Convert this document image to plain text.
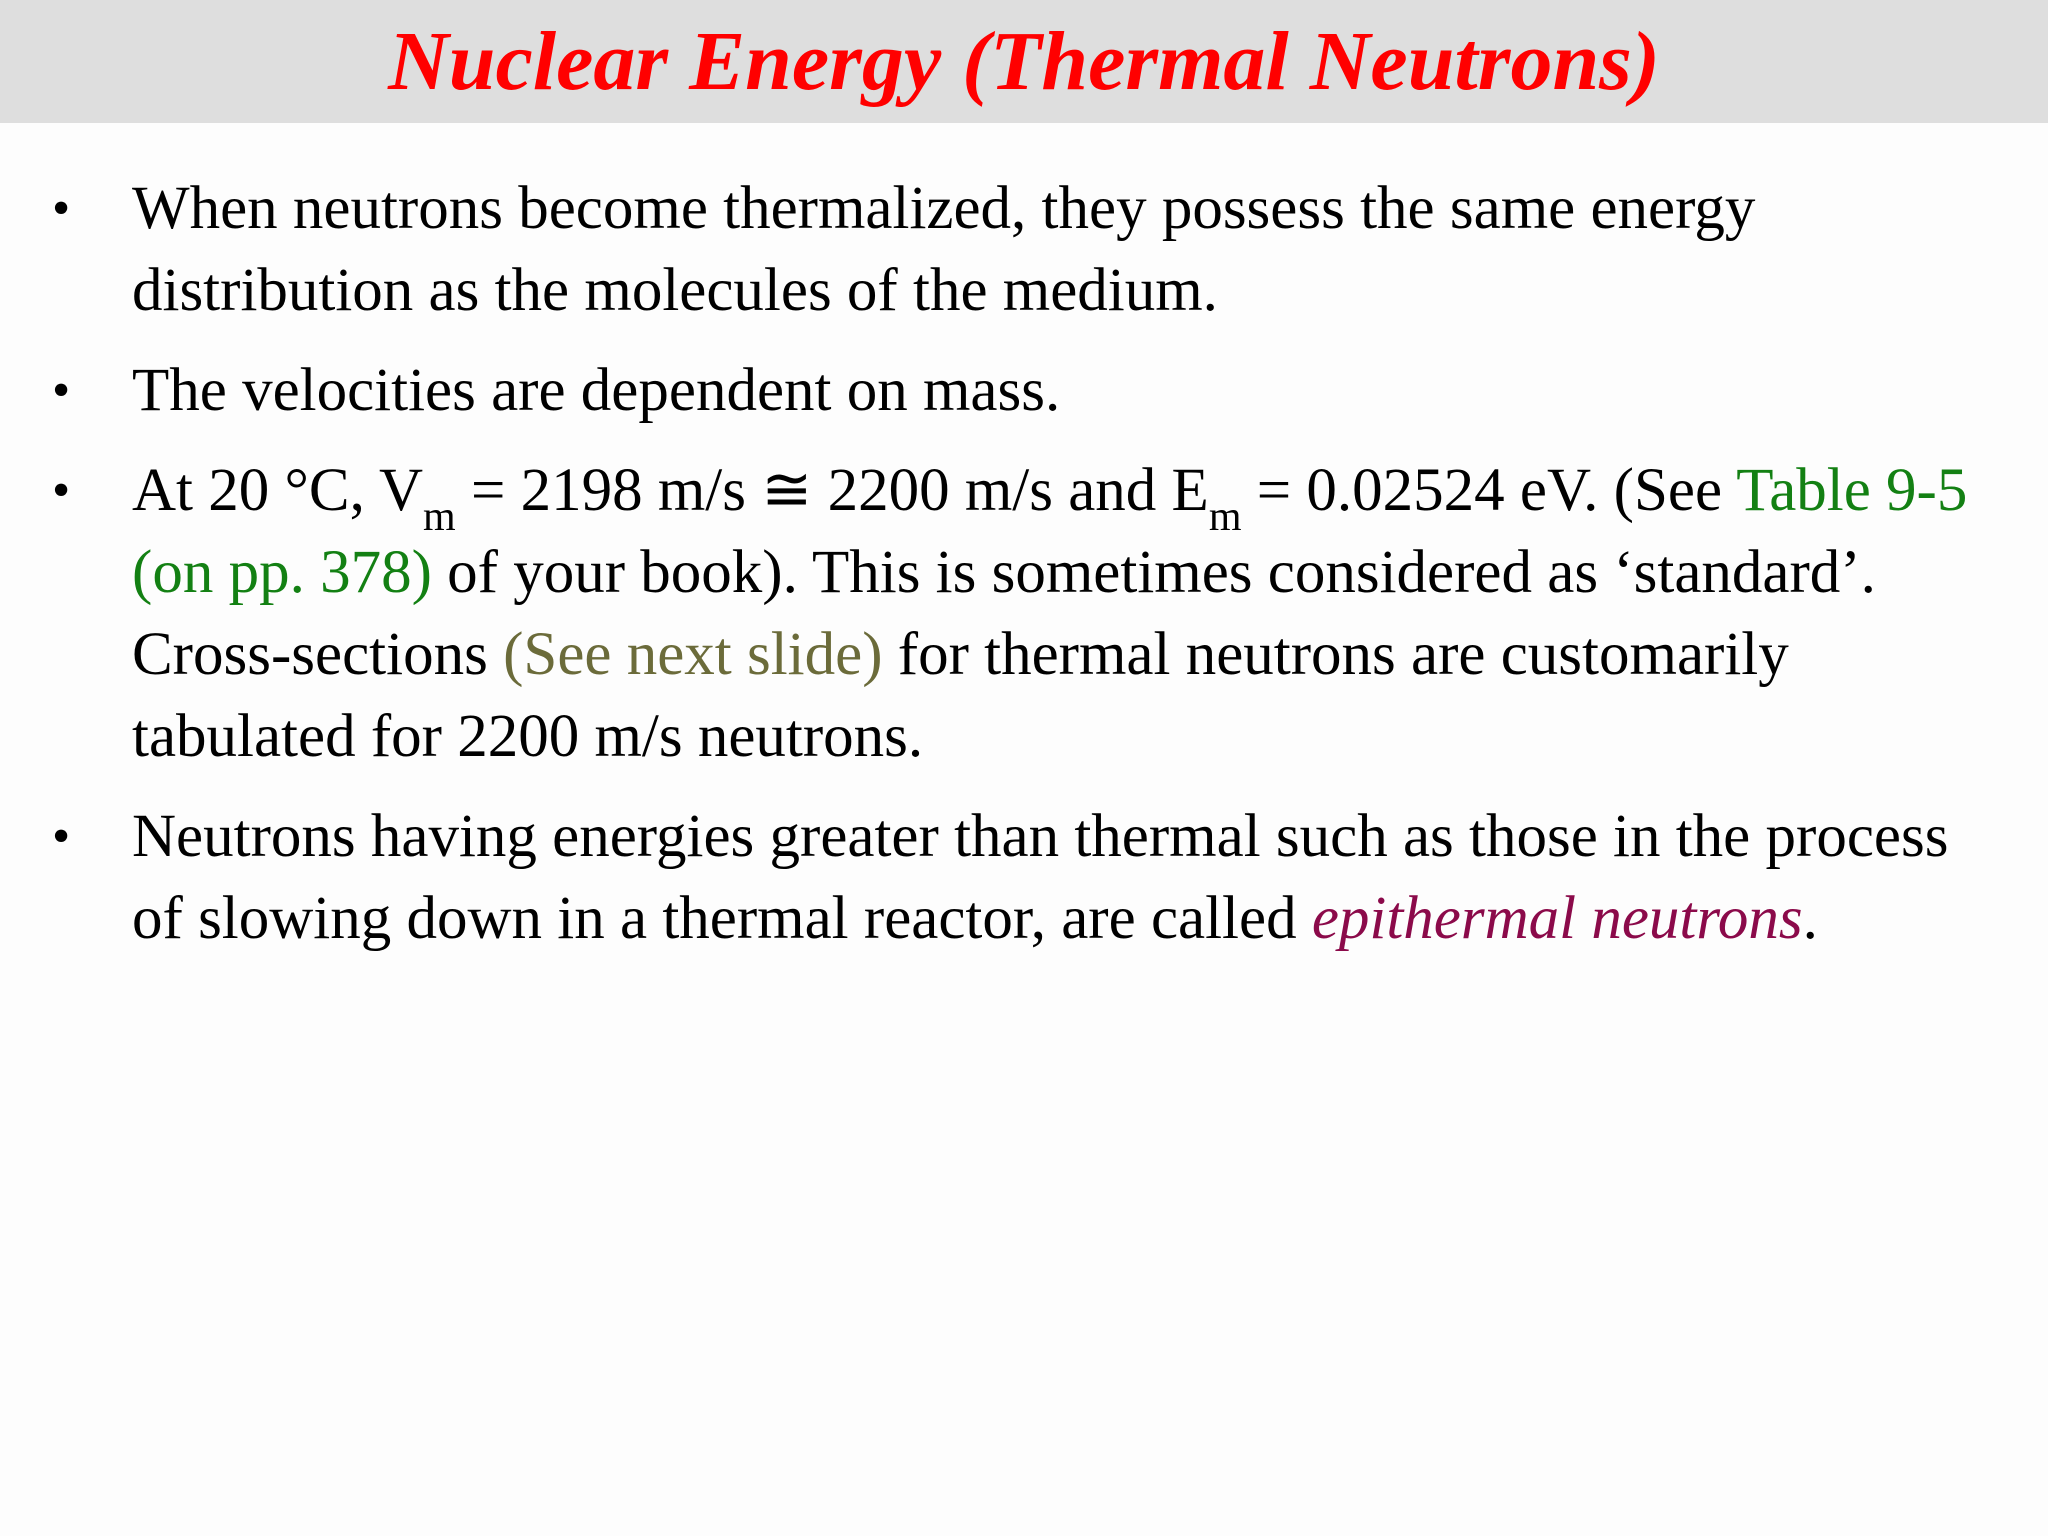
Nuclear Energy (Thermal Neutrons)
• When neutrons become thermalized, they possess the same energy distribution as the molecules of the medium.
• The velocities are dependent on mass.
• At 20 °C, $V_m = 2198$ m/s ≅ 2200 m/s and $E_m = 0.02524$ eV. (See Table 9-5 (on pp. 378) of your book). This is sometimes considered as ‘standard’. Cross-sections (See next slide) for thermal neutrons are customarily tabulated for 2200 m/s neutrons.
• Neutrons having energies greater than thermal such as those in the process of slowing down in a thermal reactor, are called epithermal neutrons.
